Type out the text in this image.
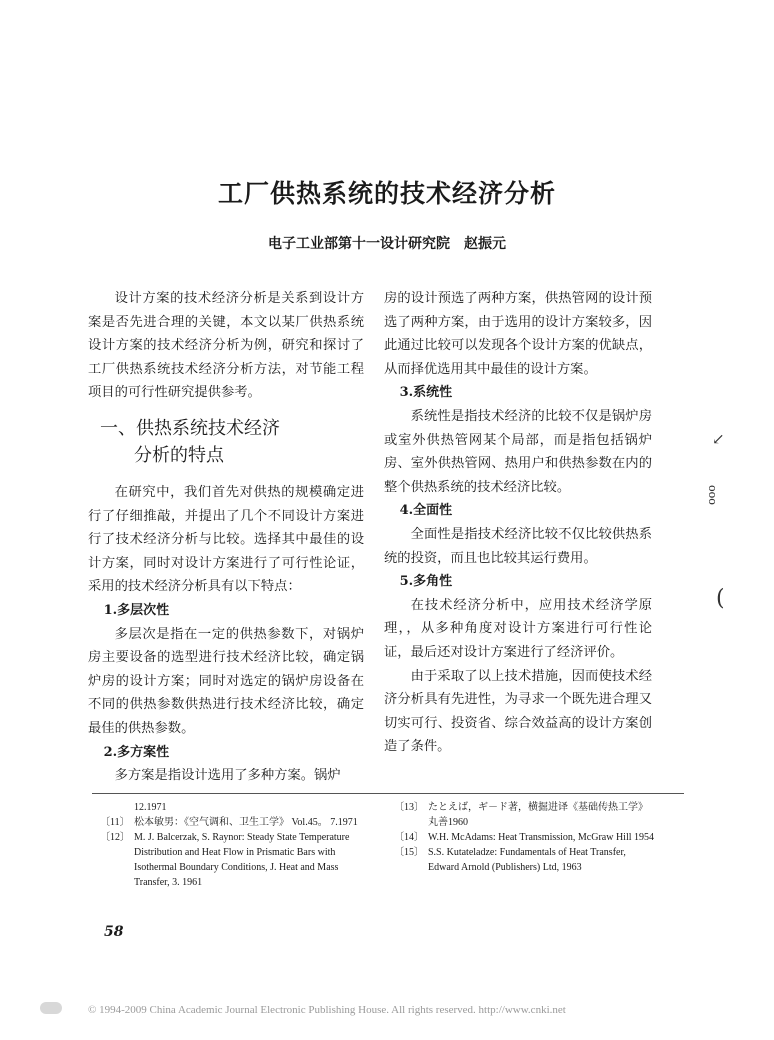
工厂供热系统的技术经济分析
电子工业部第十一设计研究院　赵振元

设计方案的技术经济分析是关系到设计方案是否先进合理的关键，本文以某厂供热系统设计方案的技术经济分析为例，研究和探讨了工厂供热系统技术经济分析方法，对节能工程项目的可行性研究提供参考。

一、供热系统技术经济
分析的特点

在研究中，我们首先对供热的规模确定进行了仔细推敲，并提出了几个不同设计方案进行了技术经济分析与比较。选择其中最佳的设计方案，同时对设计方案进行了可行性论证，采用的技术经济分析具有以下特点：

1.多层次性

多层次是指在一定的供热参数下，对锅炉房主要设备的选型进行技术经济比较，确定锅炉房的设计方案；同时对选定的锅炉房设备在不同的供热参数供热进行技术经济比较，确定最佳的供热参数。

2.多方案性

多方案是指设计选用了多种方案。锅炉

房的设计预选了两种方案，供热管网的设计预选了两种方案，由于选用的设计方案较多，因此通过比较可以发现各个设计方案的优缺点，从而择优选用其中最佳的设计方案。

3.系统性

系统性是指技术经济的比较不仅是锅炉房或室外供热管网某个局部，而是指包括锅炉房、室外供热管网、热用户和供热参数在内的整个供热系统的技术经济比较。

4.全面性

全面性是指技术经济比较不仅比较供热系统的投资，而且也比较其运行费用。

5.多角性

在技术经济分析中，应用技术经济学原理，，从多种角度对设计方案进行可行性论证，最后还对设计方案进行了经济评价。

由于采取了以上技术措施，因而使技术经济分析具有先进性，为寻求一个既先进合理又切实可行、投资省、综合效益高的设计方案创造了条件。

↙
ooo
(
12.1971
〔11〕 松本敏男：《空气调和、卫生工学》 Vol.45。 7.1971
〔12〕 M. J. Balcerzak, S. Raynor: Steady State Temperature Distribution and Heat Flow in Prismatic Bars with Isothermal Boundary Conditions, J. Heat and Mass Transfer, 3. 1961
〔13〕 たとえば，ギ－ド著，横掘进译《基础传热工学》丸善1960
〔14〕 W.H. McAdams: Heat Transmission, McGraw Hill 1954
〔15〕 S.S. Kutateladze: Fundamentals of Heat Transfer, Edward Arnold (Publishers) Ltd, 1963
58
© 1994-2009 China Academic Journal Electronic Publishing House. All rights reserved. http://www.cnki.net
